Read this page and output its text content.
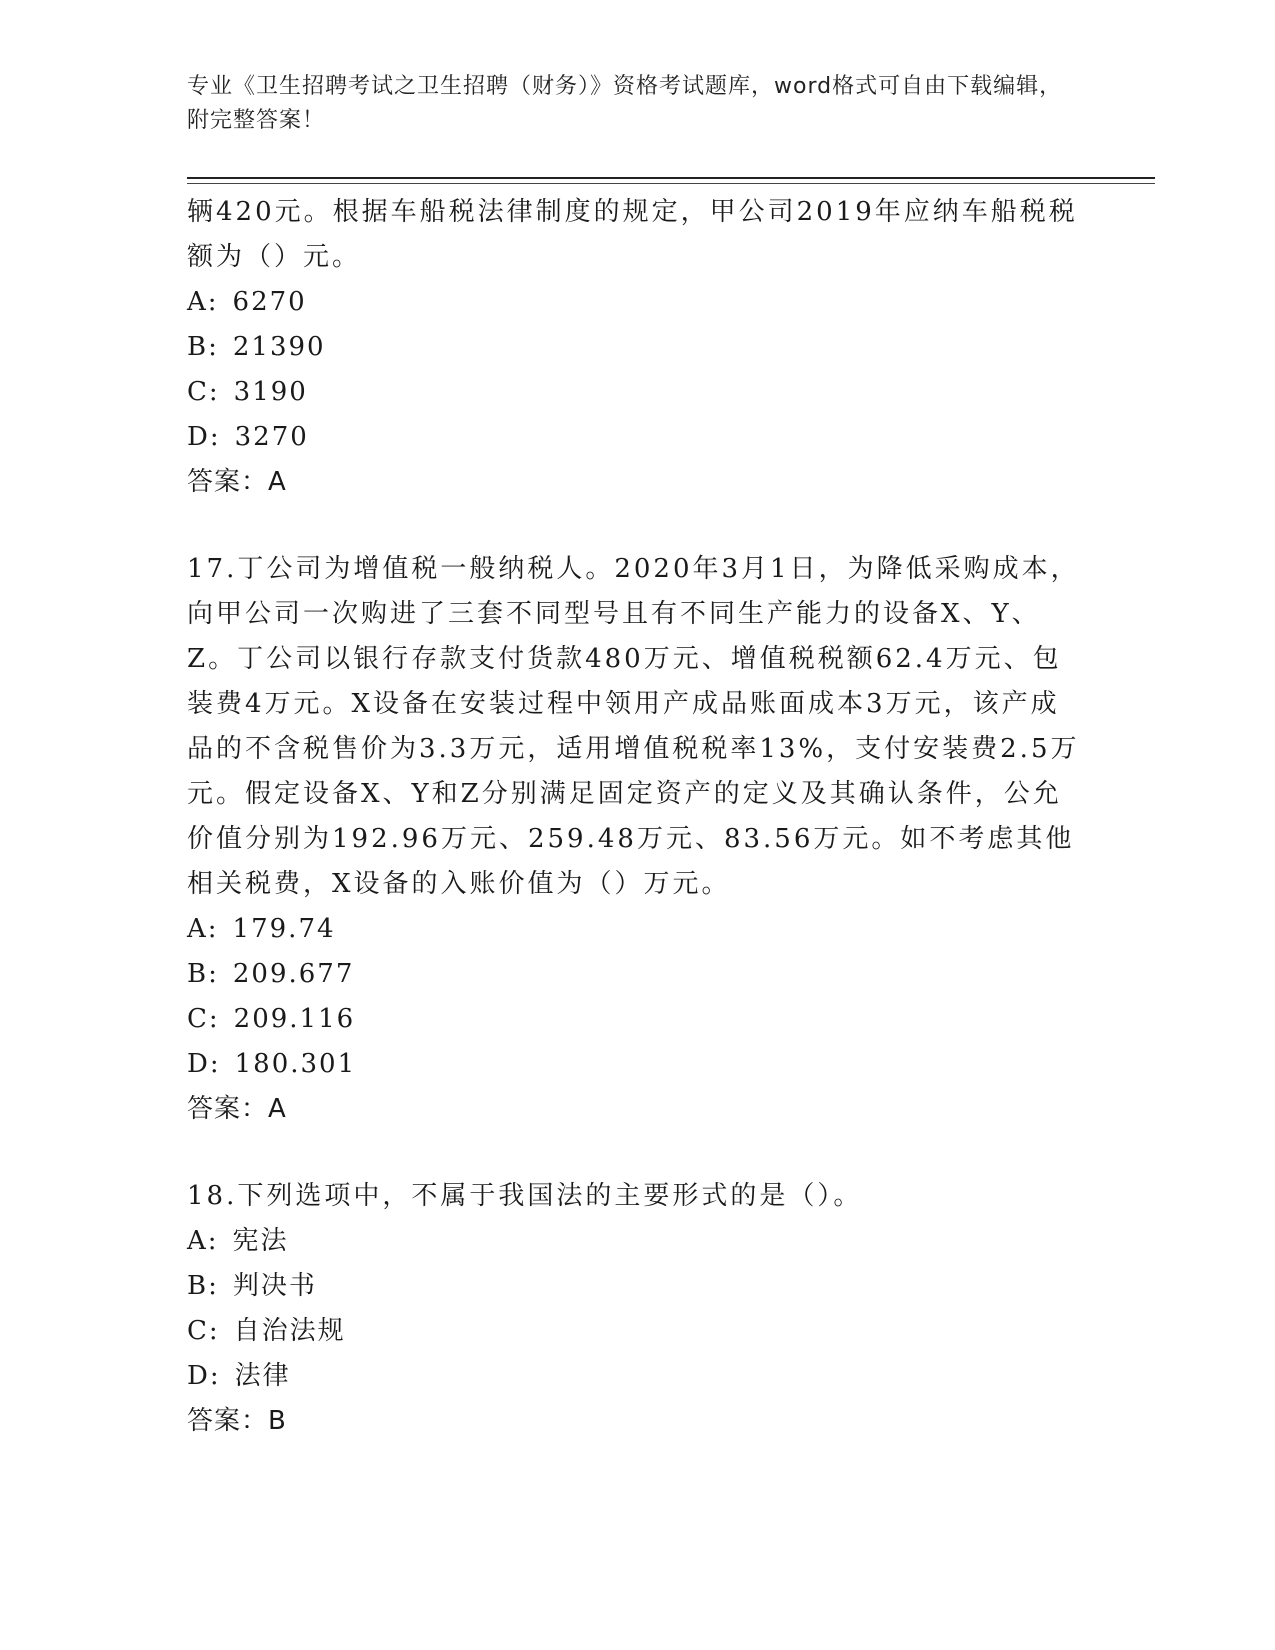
专业《卫生招聘考试之卫生招聘（财务）》资格考试题库，word格式可自由下载编辑，附完整答案！

辆420元。根据车船税法律制度的规定，甲公司2019年应纳车船税税额为（）元。

A: 6270

B: 21390

C: 3190

D: 3270

答案：A

17.丁公司为增值税一般纳税人。2020年3月1日，为降低采购成本，向甲公司一次购进了三套不同型号且有不同生产能力的设备X、Y、Z。丁公司以银行存款支付货款480万元、增值税税额62.4万元、包装费4万元。X设备在安装过程中领用产成品账面成本3万元，该产成品的不含税售价为3.3万元，适用增值税税率13%，支付安装费2.5万元。假定设备X、Y和Z分别满足固定资产的定义及其确认条件，公允价值分别为192.96万元、259.48万元、83.56万元。如不考虑其他相关税费，X设备的入账价值为（）万元。

A: 179.74

B: 209.677

C: 209.116

D: 180.301

答案：A

18.下列选项中，不属于我国法的主要形式的是（）。

A: 宪法

B: 判决书

C: 自治法规

D: 法律

答案：B
